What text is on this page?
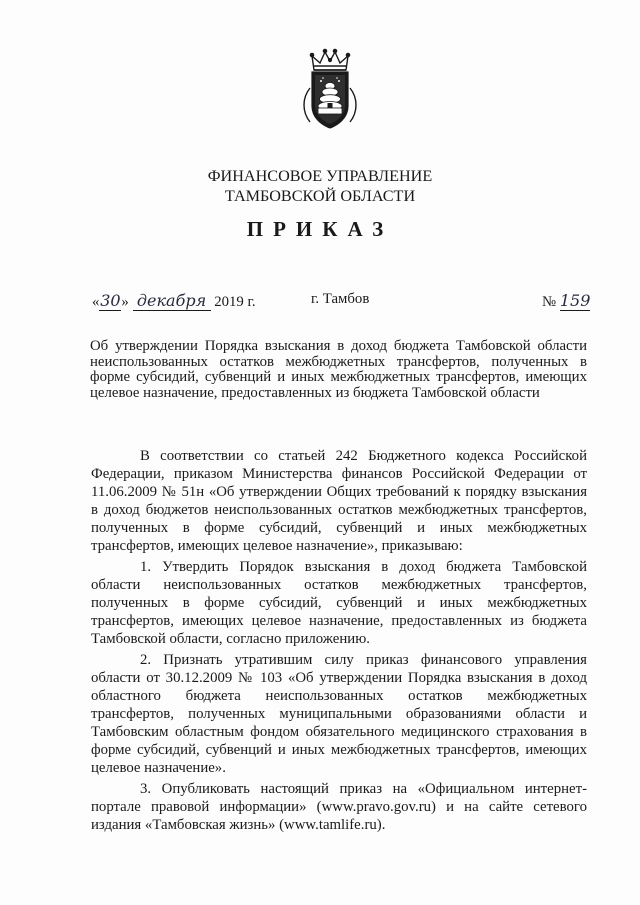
ФИНАНСОВОЕ УПРАВЛЕНИЕ
ТАМБОВСКОЙ ОБЛАСТИ
ПРИКАЗ
«30» декабря 2019 г.	г. Тамбов	№ 159
Об утверждении Порядка взыскания в доход бюджета Тамбовской области неиспользованных остатков межбюджетных трансфертов, полученных в форме субсидий, субвенций и иных межбюджетных трансфертов, имеющих целевое назначение, предоставленных из бюджета Тамбовской области

В соответствии со статьей 242 Бюджетного кодекса Российской Федерации, приказом Министерства финансов Российской Федерации от 11.06.2009 № 51н «Об утверждении Общих требований к порядку взыскания в доход бюджетов неиспользованных остатков межбюджетных трансфертов, полученных в форме субсидий, субвенций и иных межбюджетных трансфертов, имеющих целевое назначение», приказываю:

1. Утвердить Порядок взыскания в доход бюджета Тамбовской области неиспользованных остатков межбюджетных трансфертов, полученных в форме субсидий, субвенций и иных межбюджетных трансфертов, имеющих целевое назначение, предоставленных из бюджета Тамбовской области, согласно приложению.

2. Признать утратившим силу приказ финансового управления области от 30.12.2009 № 103 «Об утверждении Порядка взыскания в доход областного бюджета неиспользованных остатков межбюджетных трансфертов, полученных муниципальными образованиями области и Тамбовским областным фондом обязательного медицинского страхования в форме субсидий, субвенций и иных межбюджетных трансфертов, имеющих целевое назначение».

3. Опубликовать настоящий приказ на «Официальном интернет-портале правовой информации» (www.pravo.gov.ru) и на сайте сетевого издания «Тамбовская жизнь» (www.tamlife.ru).
